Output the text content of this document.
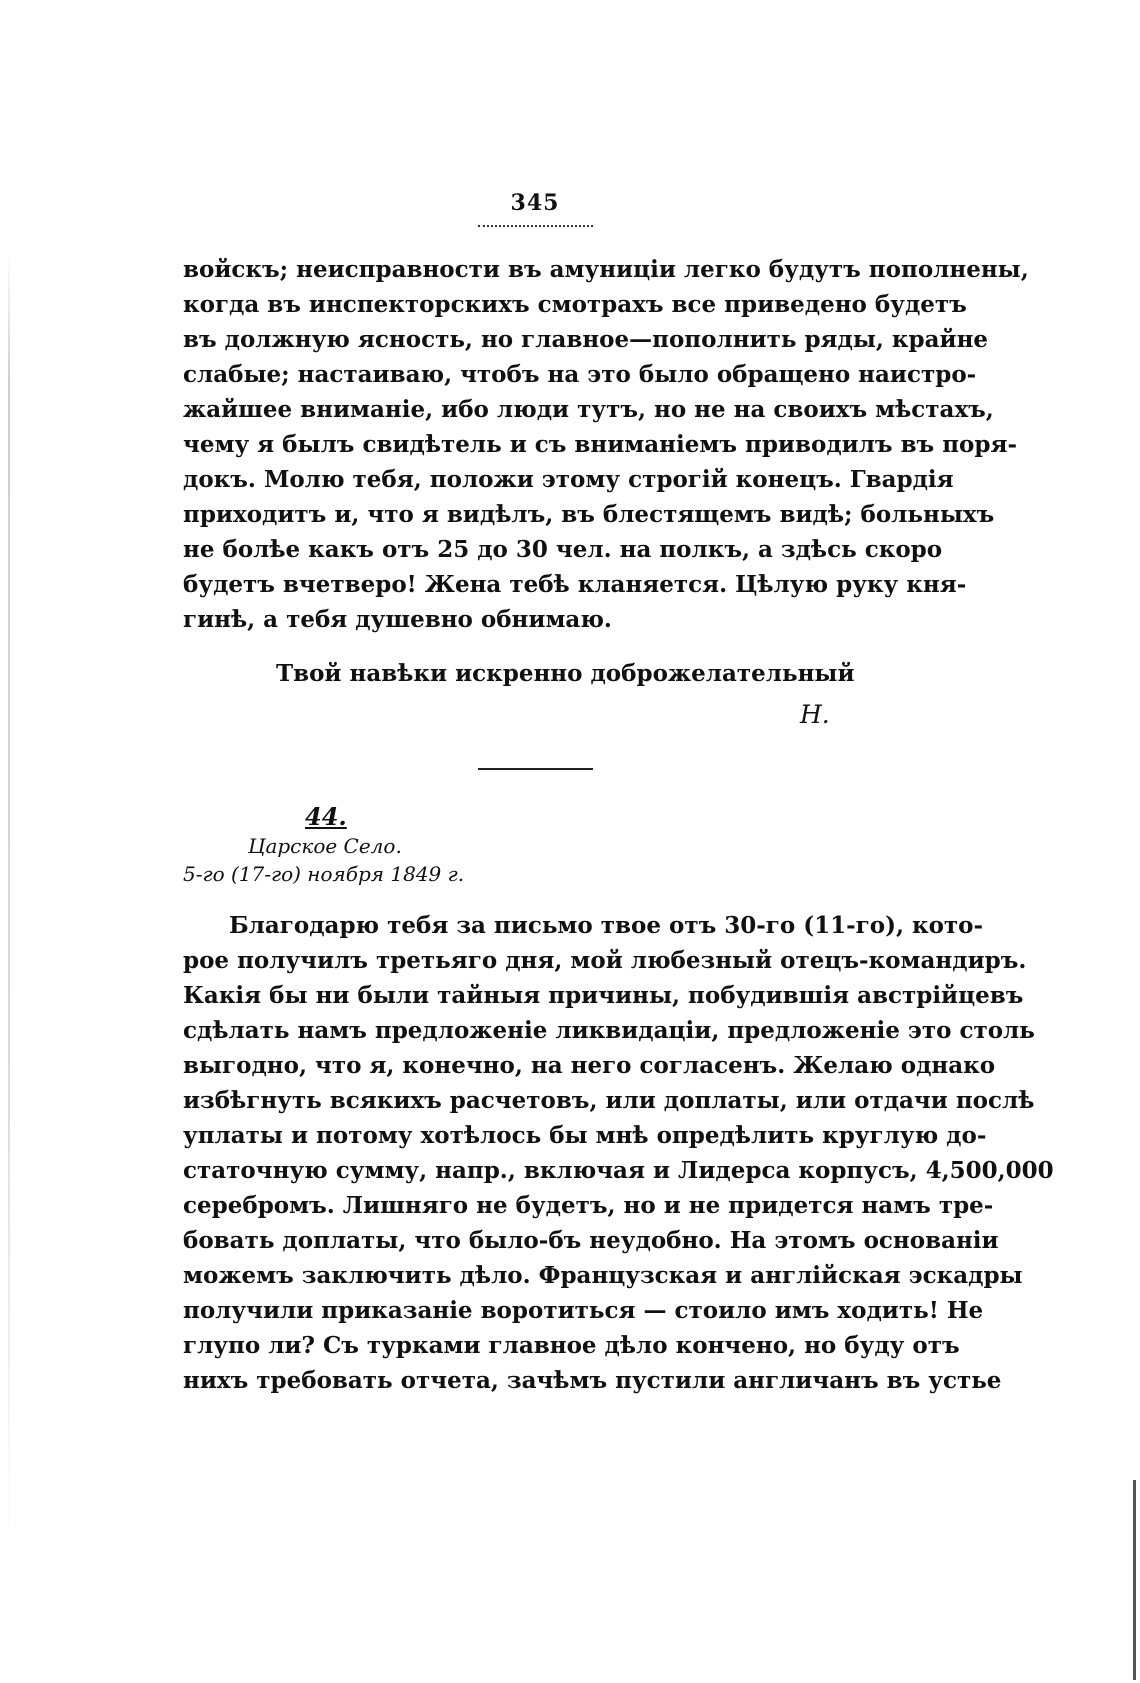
345
войскъ; неисправности въ амуниціи легко будутъ пополнены,
когда въ инспекторскихъ смотрахъ все приведено будетъ
въ должную ясность, но главное—пополнить ряды, крайне
слабые; настаиваю, чтобъ на это было обращено наистро-
жайшее вниманіе, ибо люди тутъ, но не на своихъ мѣстахъ,
чему я былъ свидѣтель и съ вниманіемъ приводилъ въ поря-
докъ. Молю тебя, положи этому строгій конецъ. Гвардія
приходитъ и, что я видѣлъ, въ блестящемъ видѣ; больныхъ
не болѣе какъ отъ 25 до 30 чел. на полкъ, а здѣсь скоро
будетъ вчетверо! Жена тебѣ кланяется. Цѣлую руку кня-
гинѣ, а тебя душевно обнимаю.
Твой навѣки искренно доброжелательный
Н.
44.
Царское Село.
5-го (17-го) ноября 1849 г.
Благодарю тебя за письмо твое отъ 30-го (11-го), кото-
рое получилъ третьяго дня, мой любезный отецъ-командиръ.
Какія бы ни были тайныя причины, побудившія австрійцевъ
сдѣлать намъ предложеніе ликвидаціи, предложеніе это столь
выгодно, что я, конечно, на него согласенъ. Желаю однако
избѣгнуть всякихъ расчетовъ, или доплаты, или отдачи послѣ
уплаты и потому хотѣлось бы мнѣ опредѣлить круглую до-
статочную сумму, напр., включая и Лидерса корпусъ, 4,500,000
серебромъ. Лишняго не будетъ, но и не придется намъ тре-
бовать доплаты, что было-бъ неудобно. На этомъ основаніи
можемъ заключить дѣло. Французская и англійская эскадры
получили приказаніе воротиться — стоило имъ ходить! Не
глупо ли? Съ турками главное дѣло кончено, но буду отъ
нихъ требовать отчета, зачѣмъ пустили англичанъ въ устье
